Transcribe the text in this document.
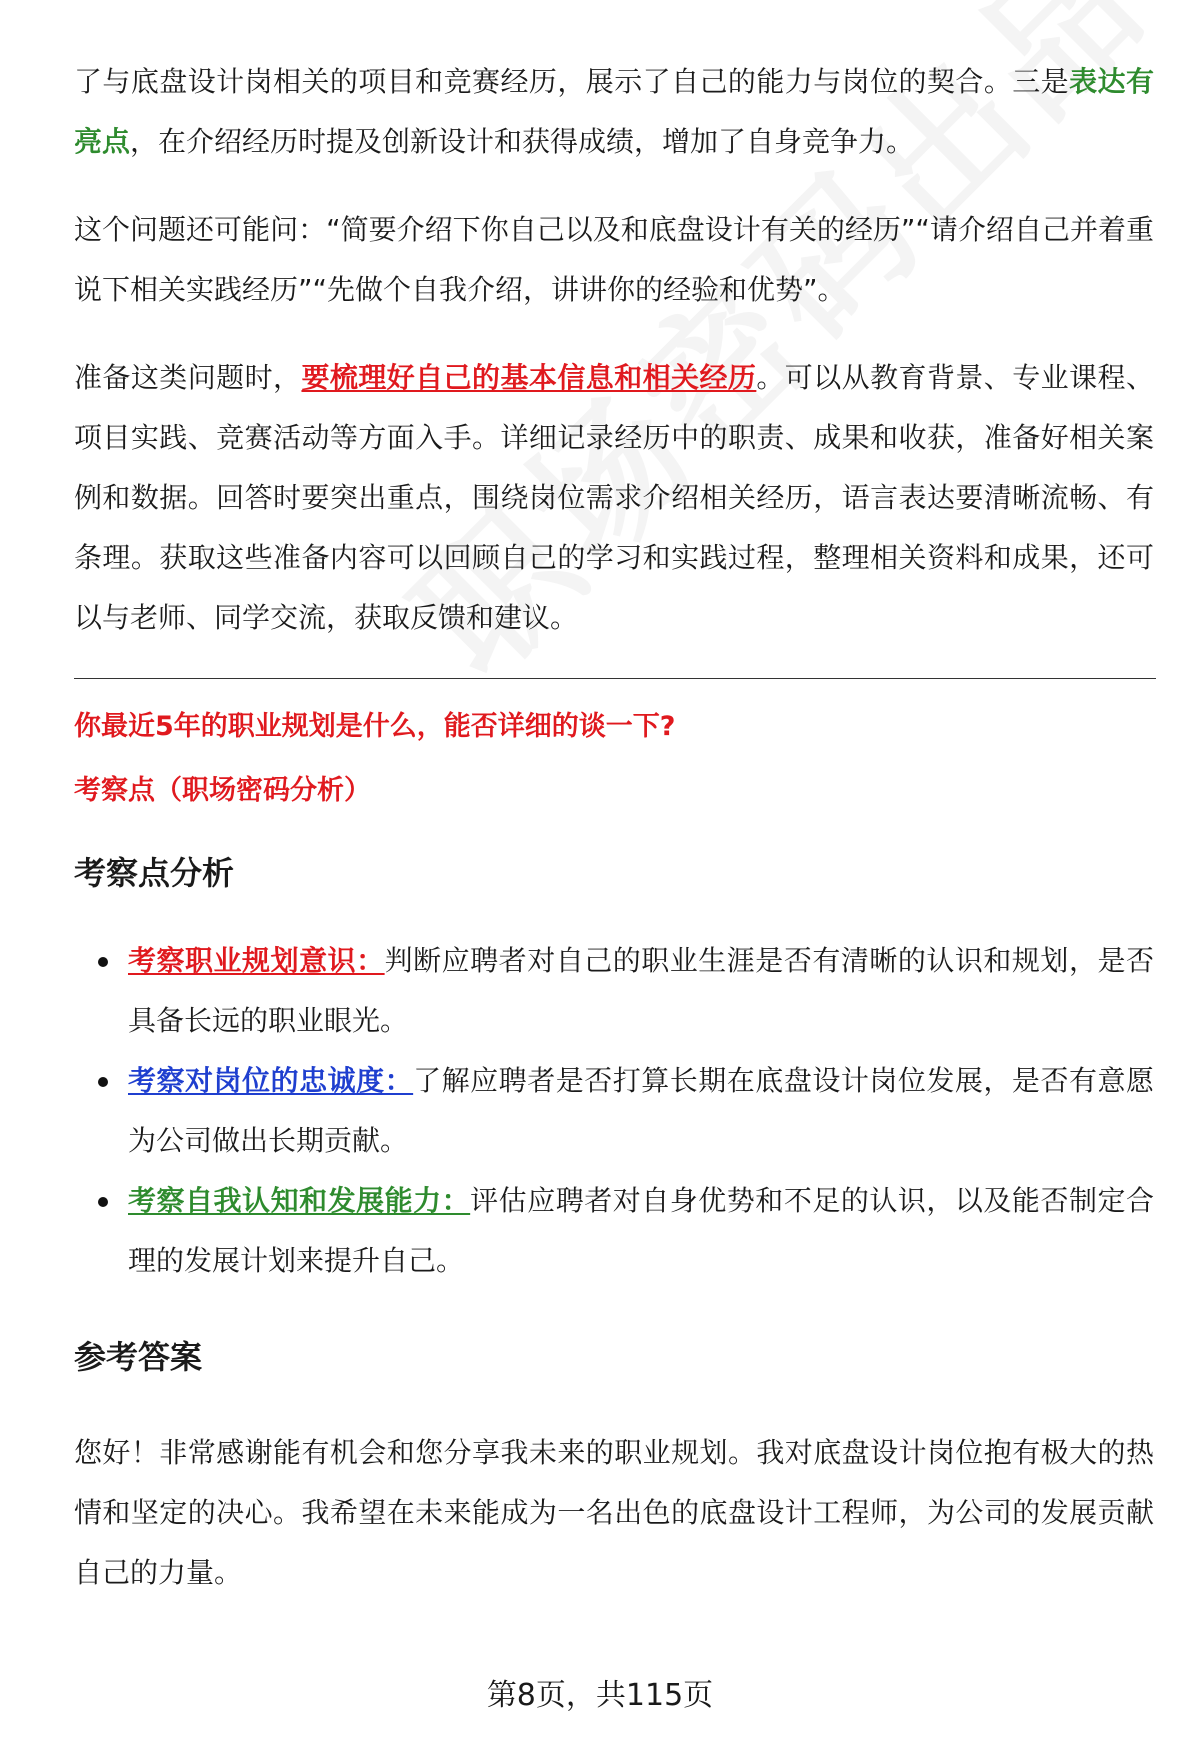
了与底盘设计岗相关的项目和竞赛经历，展示了自己的能力与岗位的契合。三是表达有亮点，在介绍经历时提及创新设计和获得成绩，增加了自身竞争力。

这个问题还可能问：“简要介绍下你自己以及和底盘设计有关的经历”“请介绍自己并着重说下相关实践经历”“先做个自我介绍，讲讲你的经验和优势”。

准备这类问题时，要梳理好自己的基本信息和相关经历。可以从教育背景、专业课程、项目实践、竞赛活动等方面入手。详细记录经历中的职责、成果和收获，准备好相关案例和数据。回答时要突出重点，围绕岗位需求介绍相关经历，语言表达要清晰流畅、有条理。获取这些准备内容可以回顾自己的学习和实践过程，整理相关资料和成果，还可以与老师、同学交流，获取反馈和建议。

你最近5年的职业规划是什么，能否详细的谈一下?

考察点（职场密码分析）

考察点分析

考察职业规划意识：判断应聘者对自己的职业生涯是否有清晰的认识和规划，是否具备长远的职业眼光。
考察对岗位的忠诚度：了解应聘者是否打算长期在底盘设计岗位发展，是否有意愿为公司做出长期贡献。
考察自我认知和发展能力：评估应聘者对自身优势和不足的认识，以及能否制定合理的发展计划来提升自己。

参考答案

您好！非常感谢能有机会和您分享我未来的职业规划。我对底盘设计岗位抱有极大的热情和坚定的决心。我希望在未来能成为一名出色的底盘设计工程师，为公司的发展贡献自己的力量。

第8页，共115页
